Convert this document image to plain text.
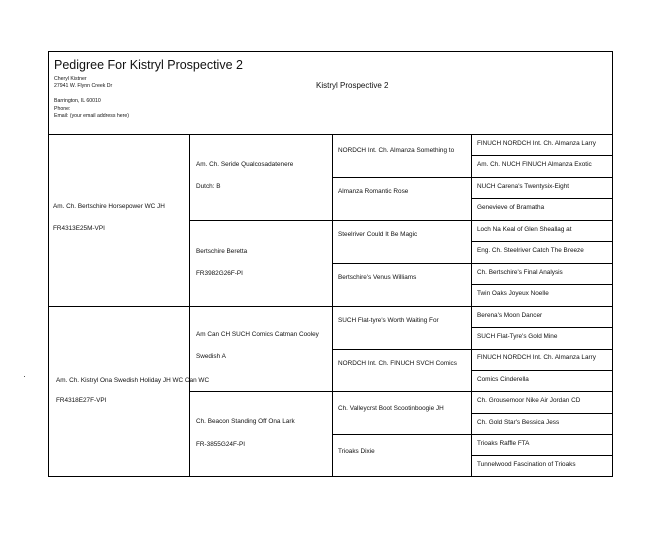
Pedigree For Kistryl Prospective 2
Cheryl Kistner
27941 W. Flynn Creek Dr
Barrington, IL 60010
Phone:
Email: (your email address here)
Kistryl Prospective 2
Am. Ch. Bertschire Horsepower WC JH
FR4313E25M-VPI
Am. Ch. Kistryl Ona Swedish Holiday JH WC Can WC
FR4318E27F-VPI
Am. Ch. Seride Qualcosadatenere
Dutch: B
Bertschire Beretta
FR3982G26F-PI
Am Can CH SUCH Comics Catman Cooley
Swedish A
Ch. Beacon Standing Off Ona Lark
FR-3855G24F-PI
NORDCH Int. Ch. Almanza Something to
Almanza Romantic Rose
Steelriver Could It Be Magic
Bertschire's Venus Williams
SUCH Flat-tyre's Worth Waiting For
NORDCH Int. Ch. FINUCH SVCH Comics
Ch. Valleycrst Boot Scootinboogie JH
Trioaks Dixie
FINUCH NORDCH Int. Ch. Almanza Larry
Am. Ch. NUCH FINUCH Almanza Exotic
NUCH Carena's Twentysix-Eight
Genevieve of Bramatha
Loch Na Keal of Glen Sheallag at
Eng. Ch. Steelriver Catch The Breeze
Ch. Bertschire's Final Analysis
Twin Oaks Joyeux Noelle
Berena's Moon Dancer
SUCH Flat-Tyre's Gold Mine
FINUCH NORDCH Int. Ch. Almanza Larry
Comics Cinderella
Ch. Grousemoor Nike Air Jordan CD
Ch. Gold Star's Bessica Jess
Trioaks Raffle FTA
Tunnelwood Fascination of Trioaks
